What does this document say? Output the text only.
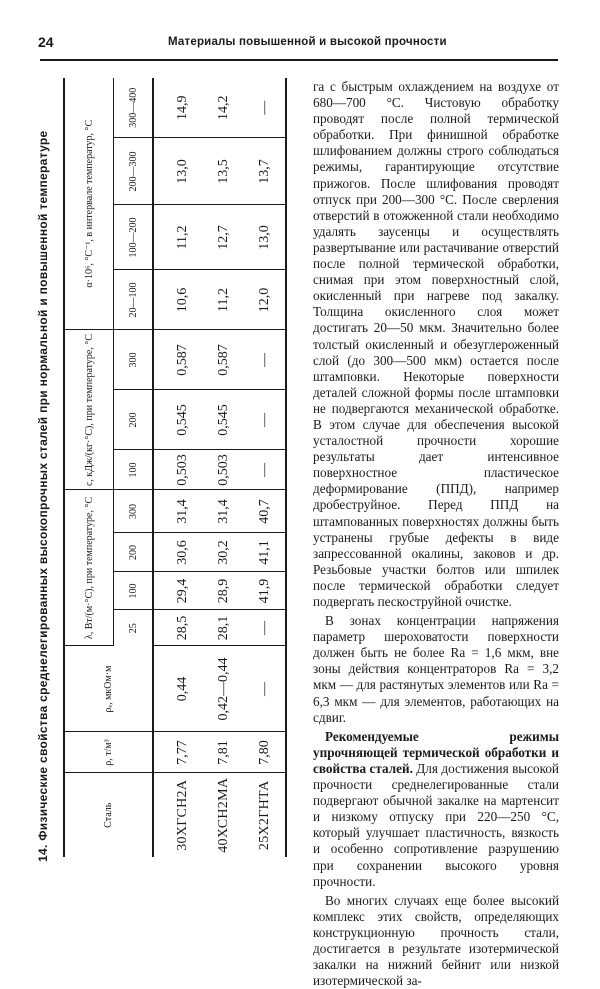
24	Материалы повышенной и высокой прочности
14. Физические свойства среднелегированных высокопрочных сталей при нормальной и повышенной температуре	Сталь	ρ, т/м³	ρₑ, мкОм·м	λ, Вт/(м·°С), при температуре, °С				c, кДж/(кг·°С), при температуре, °С			α·10⁶, °С⁻¹, в интервале температур, °С			
			25	100	200	300	100	200	300	20—100	100—200	200—300	300—400
30ХГСН2А	7,77	0,44	28,5	29,4	30,6	31,4	0,503	0,545	0,587	10,6	11,2	13,0	14,9
40ХСН2МА	7,81	0,42—0,44	28,1	28,9	30,2	31,4	0,503	0,545	0,587	11,2	12,7	13,5	14,2
25Х2ГНТА	7,80	—	—	41,9	41,1	40,7	—	—	—	12,0	13,0	13,7	—

га с быстрым охлаждением на воздухе от 680—700 °С. Чистовую обработку проводят после полной термической обработки. При финишной обработке шлифованием должны строго соблюдаться режимы, гарантирующие отсутствие прижогов. После шлифования проводят отпуск при 200—300 °С. После сверления отверстий в отожженной стали необходимо удалять заусенцы и осуществлять развертывание или растачивание отверстий после полной термической обработки, снимая при этом поверхностный слой, окисленный при нагреве под закалку. Толщина окисленного слоя может достигать 20—50 мкм. Значительно более толстый окисленный и обезуглероженный слой (до 300—500 мкм) остается после штамповки. Некоторые поверхности деталей сложной формы после штамповки не подвергаются механической обработке. В этом случае для обеспечения высокой усталостной прочности хорошие результаты дает интенсивное поверхностное пластическое деформирование (ППД), например дробеструйное. Перед ППД на штампованных поверхностях должны быть устранены грубые дефекты в виде запрессованной окалины, заковов и др. Резьбовые участки болтов или шпилек после термической обработки следует подвергать пескоструйной очистке.

В зонах концентрации напряжения параметр шероховатости поверхности должен быть не более Ra = 1,6 мкм, вне зоны действия концентраторов Ra = 3,2 мкм — для растянутых элементов или Ra = 6,3 мкм — для элементов, работающих на сдвиг.

Рекомендуемые режимы упрочняющей термической обработки и свойства сталей. Для достижения высокой прочности среднелегированные стали подвергают обычной закалке на мартенсит и низкому отпуску при 220—250 °С, который улучшает пластичность, вязкость и особенно сопротивление разрушению при сохранении высокого уровня прочности.

Во многих случаях еще более высокий комплекс этих свойств, определяющих конструкционную прочность стали, достигается в результате изотермической закалки на нижний бейнит или низкой изотермической за-
